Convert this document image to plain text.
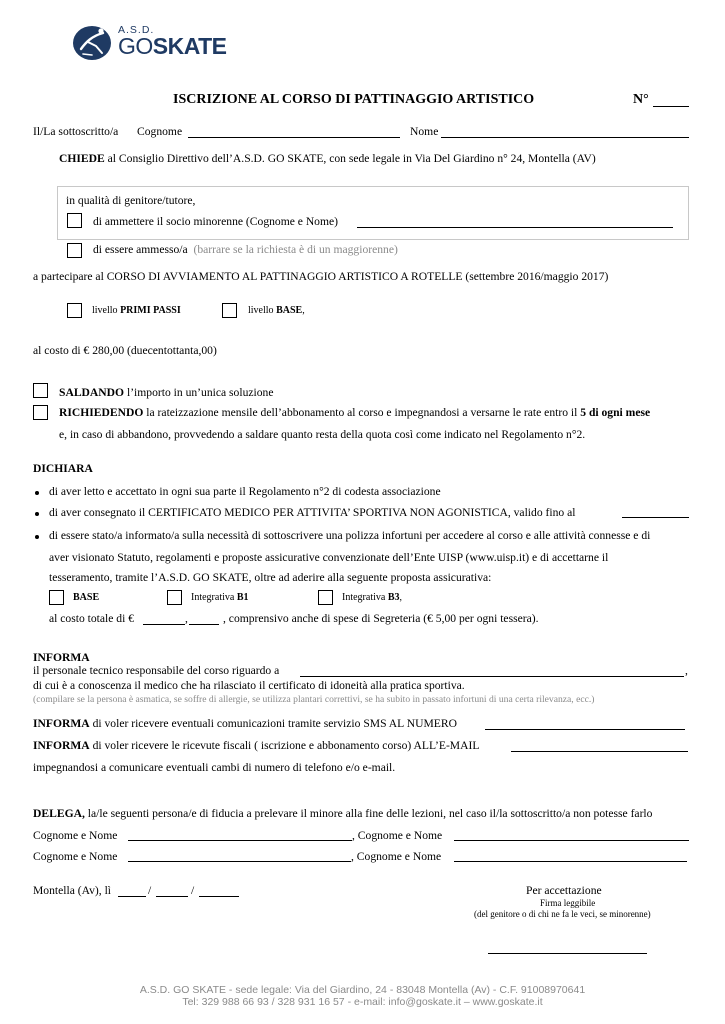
A.S.D.
GOSKATE
ISCRIZIONE AL CORSO DI PATTINAGGIO ARTISTICO	N°
Il/La sottoscritto/a Cognome	Nome
CHIEDE al Consiglio Direttivo dell’A.S.D. GO SKATE, con sede legale in Via Del Giardino n° 24, Montella (AV)
in qualità di genitore/tutore,
di ammettere il socio minorenne (Cognome e Nome)
di essere ammesso/a (barrare se la richiesta è di un maggiorenne)
a partecipare al CORSO DI AVVIAMENTO AL PATTINAGGIO ARTISTICO A ROTELLE (settembre 2016/maggio 2017)
livello PRIMI PASSI	livello BASE,
al costo di € 280,00 (duecentottanta,00)
SALDANDO l’importo in un’unica soluzione
RICHIEDENDO la rateizzazione mensile dell’abbonamento al corso e impegnandosi a versarne le rate entro il 5 di ogni mese
e, in caso di abbandono, provvedendo a saldare quanto resta della quota così come indicato nel Regolamento n°2.
DICHIARA
di aver letto e accettato in ogni sua parte il Regolamento n°2 di codesta associazione
di aver consegnato il CERTIFICATO MEDICO PER ATTIVITA’ SPORTIVA NON AGONISTICA, valido fino al
di essere stato/a informato/a sulla necessità di sottoscrivere una polizza infortuni per accedere al corso e alle attività connesse e di
aver visionato Statuto, regolamenti e proposte assicurative convenzionate dell’Ente UISP (www.uisp.it) e di accettarne il
tesseramento, tramite l’A.S.D. GO SKATE, oltre ad aderire alla seguente proposta assicurativa:
BASE	Integrativa B1	Integrativa B3,
al costo totale di €	,	, comprensivo anche di spese di Segreteria (€ 5,00 per ogni tessera).
INFORMA
il personale tecnico responsabile del corso riguardo a	,
di cui è a conoscenza il medico che ha rilasciato il certificato di idoneità alla pratica sportiva.
(compilare se la persona è asmatica, se soffre di allergie, se utilizza plantari correttivi, se ha subito in passato infortuni di una certa rilevanza, ecc.)
INFORMA di voler ricevere eventuali comunicazioni tramite servizio SMS AL NUMERO
INFORMA di voler ricevere le ricevute fiscali ( iscrizione e abbonamento corso) ALL’E-MAIL
impegnandosi a comunicare eventuali cambi di numero di telefono e/o e-mail.
DELEGA, la/le seguenti persona/e di fiducia a prelevare il minore alla fine delle lezioni, nel caso il/la sottoscritto/a non potesse farlo
Cognome e Nome	, Cognome e Nome
Cognome e Nome	, Cognome e Nome
Montella (Av), lì	/	/	Per accettazione
Firma leggibile
(del genitore o di chi ne fa le veci, se minorenne)
A.S.D. GO SKATE - sede legale: Via del Giardino, 24 - 83048 Montella (Av) - C.F. 91008970641
Tel: 329 988 66 93 / 328 931 16 57 - e-mail: info@goskate.it – www.goskate.it
